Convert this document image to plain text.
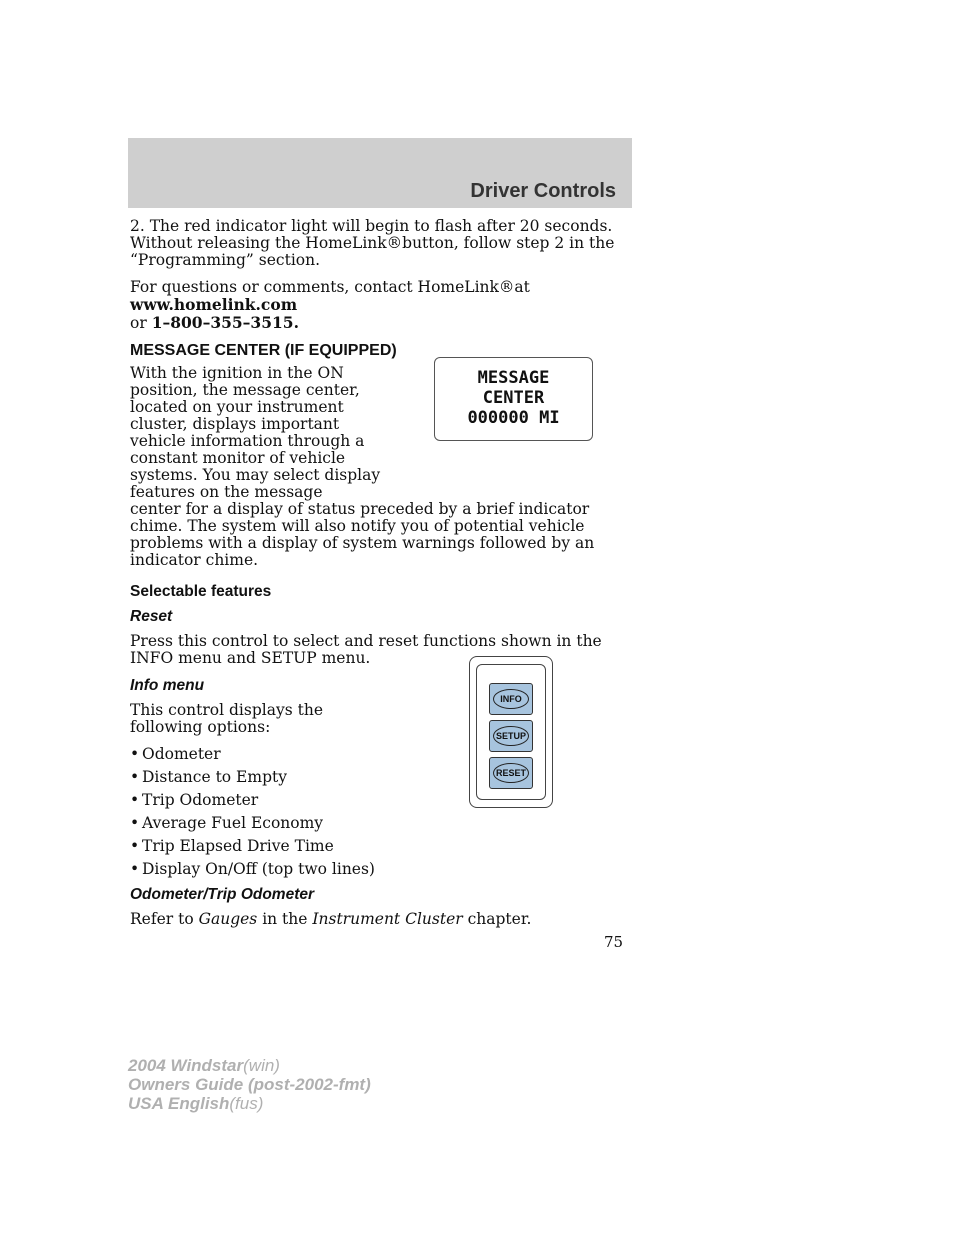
Driver Controls

2. The red indicator light will begin to flash after 20 seconds. Without releasing the HomeLink®button, follow step 2 in the “Programming” section.

For questions or comments, contact HomeLink®at www.homelink.com
or 1–800–355–3515.

MESSAGE CENTER (IF EQUIPPED)

With the ignition in the ON position, the message center, located on your instrument cluster, displays important vehicle information through a constant monitor of vehicle systems. You may select display features on the message

center for a display of status preceded by a brief indicator chime. The system will also notify you of potential vehicle problems with a display of system warnings followed by an indicator chime.

Selectable features
Reset

Press this control to select and reset functions shown in the INFO menu and SETUP menu.

Info menu

This control displays the following options:

• Odometer
• Distance to Empty
• Trip Odometer
• Average Fuel Economy
• Trip Elapsed Drive Time
• Display On/Off (top two lines)
Odometer/Trip Odometer

Refer to Gauges in the Instrument Cluster chapter.

MESSAGE
CENTER
000000 MI
INFO
SETUP
RESET
75
2004 Windstar(win)
Owners Guide (post-2002-fmt)
USA English(fus)
